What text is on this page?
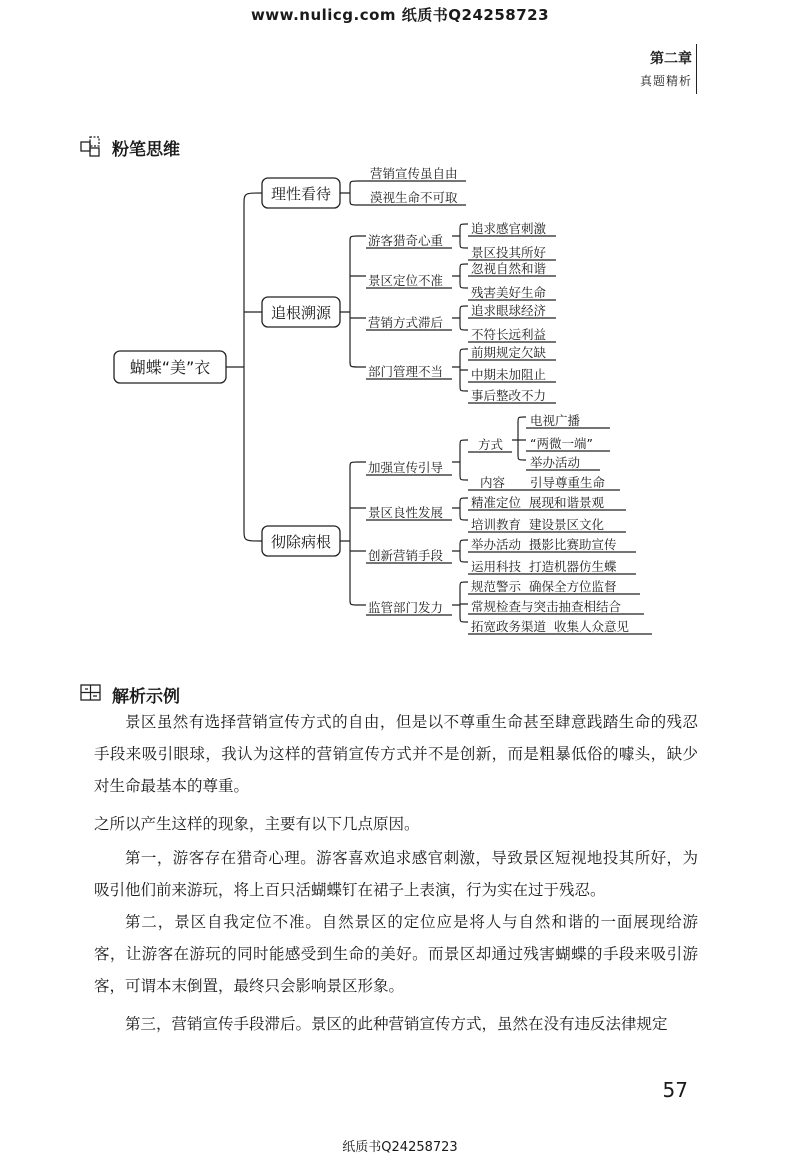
www.nulicg.com 纸质书Q24258723
第二章
真题精析
粉笔思维
蝴蝶“美”衣
理性看待
追根溯源
彻除病根
营销宣传虽自由
漠视生命不可取
游客猎奇心重
景区定位不准
营销方式滞后
部门管理不当
追求感官刺激
景区投其所好
忽视自然和谐
残害美好生命
追求眼球经济
不符长远利益
前期规定欠缺
中期未加阻止
事后整改不力
加强宣传引导
景区良性发展
创新营销手段
监管部门发力
方式
内容
电视广播
“两微一端”
举办活动
引导尊重生命
精准定位  展现和谐景观
培训教育  建设景区文化
举办活动  摄影比赛助宣传
运用科技  打造机器仿生蝶
规范警示  确保全方位监督
常规检查与突击抽查相结合
拓宽政务渠道  收集人众意见
解析示例
景区虽然有选择营销宣传方式的自由，但是以不尊重生命甚至肆意践踏生命的残忍手段来吸引眼球，我认为这样的营销宣传方式并不是创新，而是粗暴低俗的噱头，缺少对生命最基本的尊重。
之所以产生这样的现象，主要有以下几点原因。
第一，游客存在猎奇心理。游客喜欢追求感官刺激，导致景区短视地投其所好，为吸引他们前来游玩，将上百只活蝴蝶钉在裙子上表演，行为实在过于残忍。
第二，景区自我定位不准。自然景区的定位应是将人与自然和谐的一面展现给游客，让游客在游玩的同时能感受到生命的美好。而景区却通过残害蝴蝶的手段来吸引游客，可谓本末倒置，最终只会影响景区形象。
第三，营销宣传手段滞后。景区的此种营销宣传方式，虽然在没有违反法律规定
57
纸质书Q24258723
